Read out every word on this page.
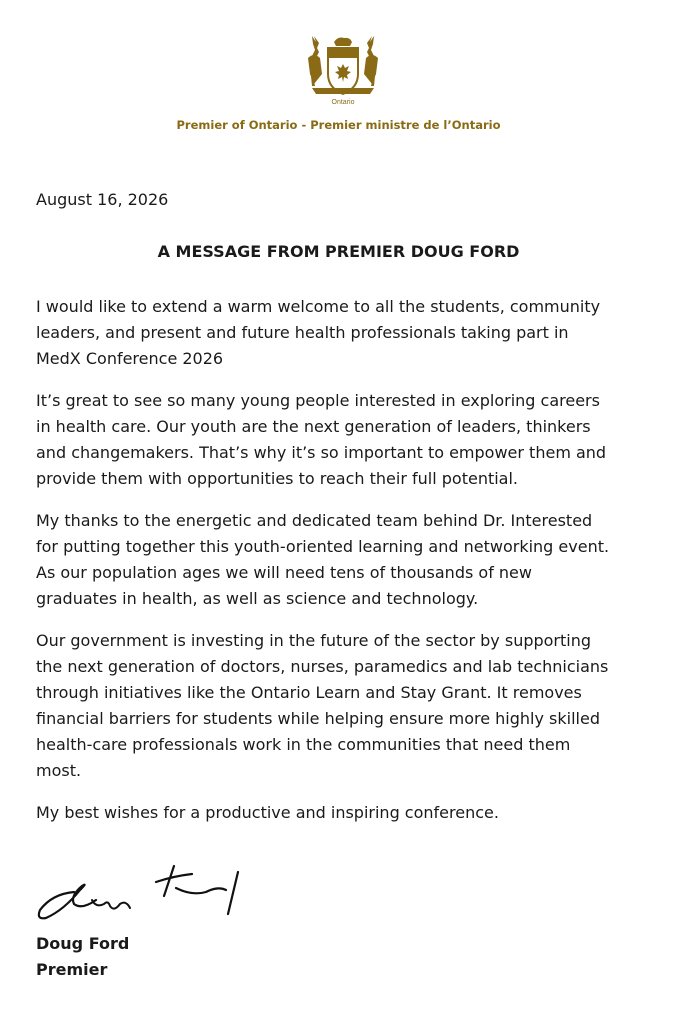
Ontario
Premier of Ontario - Premier ministre de l’Ontario
August 16, 2026
A MESSAGE FROM PREMIER DOUG FORD

I would like to extend a warm welcome to all the students, community
leaders, and present and future health professionals taking part in
MedX Conference 2026

It’s great to see so many young people interested in exploring careers
in health care. Our youth are the next generation of leaders, thinkers
and changemakers. That’s why it’s so important to empower them and
provide them with opportunities to reach their full potential.

My thanks to the energetic and dedicated team behind Dr. Interested
for putting together this youth-oriented learning and networking event.
As our population ages we will need tens of thousands of new
graduates in health, as well as science and technology.

Our government is investing in the future of the sector by supporting
the next generation of doctors, nurses, paramedics and lab technicians
through initiatives like the Ontario Learn and Stay Grant. It removes
financial barriers for students while helping ensure more highly skilled
health-care professionals work in the communities that need them
most.

My best wishes for a productive and inspiring conference.

Doug Ford
Premier
